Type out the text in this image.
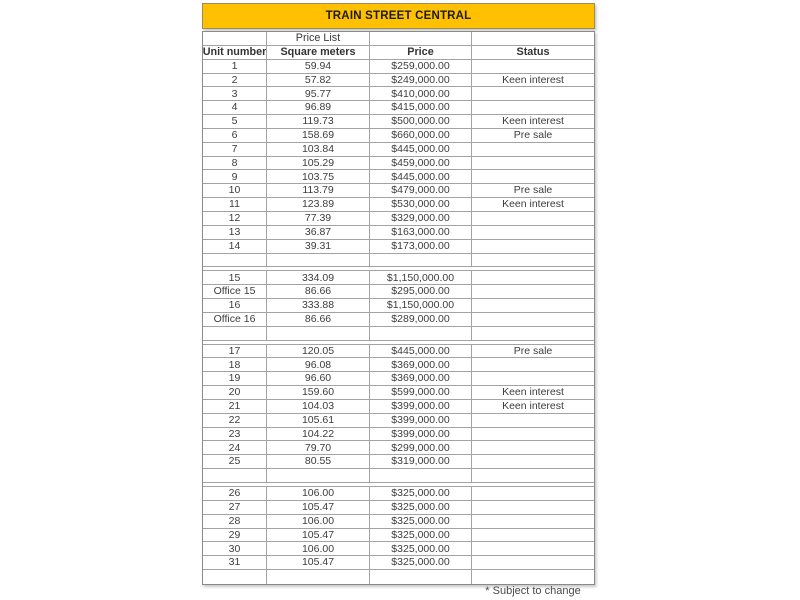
TRAIN STREET CENTRAL
Price List
Unit number	Square meters	Price	Status
1	59.94	$259,000.00
2	57.82	$249,000.00	Keen interest
3	95.77	$410,000.00
4	96.89	$415,000.00
5	119.73	$500,000.00	Keen interest
6	158.69	$660,000.00	Pre sale
7	103.84	$445,000.00
8	105.29	$459,000.00
9	103.75	$445,000.00
10	113.79	$479,000.00	Pre sale
11	123.89	$530,000.00	Keen interest
12	77.39	$329,000.00
13	36.87	$163,000.00
14	39.31	$173,000.00
15	334.09	$1,150,000.00
Office 15	86.66	$295,000.00
16	333.88	$1,150,000.00
Office 16	86.66	$289,000.00
17	120.05	$445,000.00	Pre sale
18	96.08	$369,000.00
19	96.60	$369,000.00
20	159.60	$599,000.00	Keen interest
21	104.03	$399,000.00	Keen interest
22	105.61	$399,000.00
23	104.22	$399,000.00
24	79.70	$299,000.00
25	80.55	$319,000.00
26	106.00	$325,000.00
27	105.47	$325,000.00
28	106.00	$325,000.00
29	105.47	$325,000.00
30	106.00	$325,000.00
31	105.47	$325,000.00
* Subject to change
